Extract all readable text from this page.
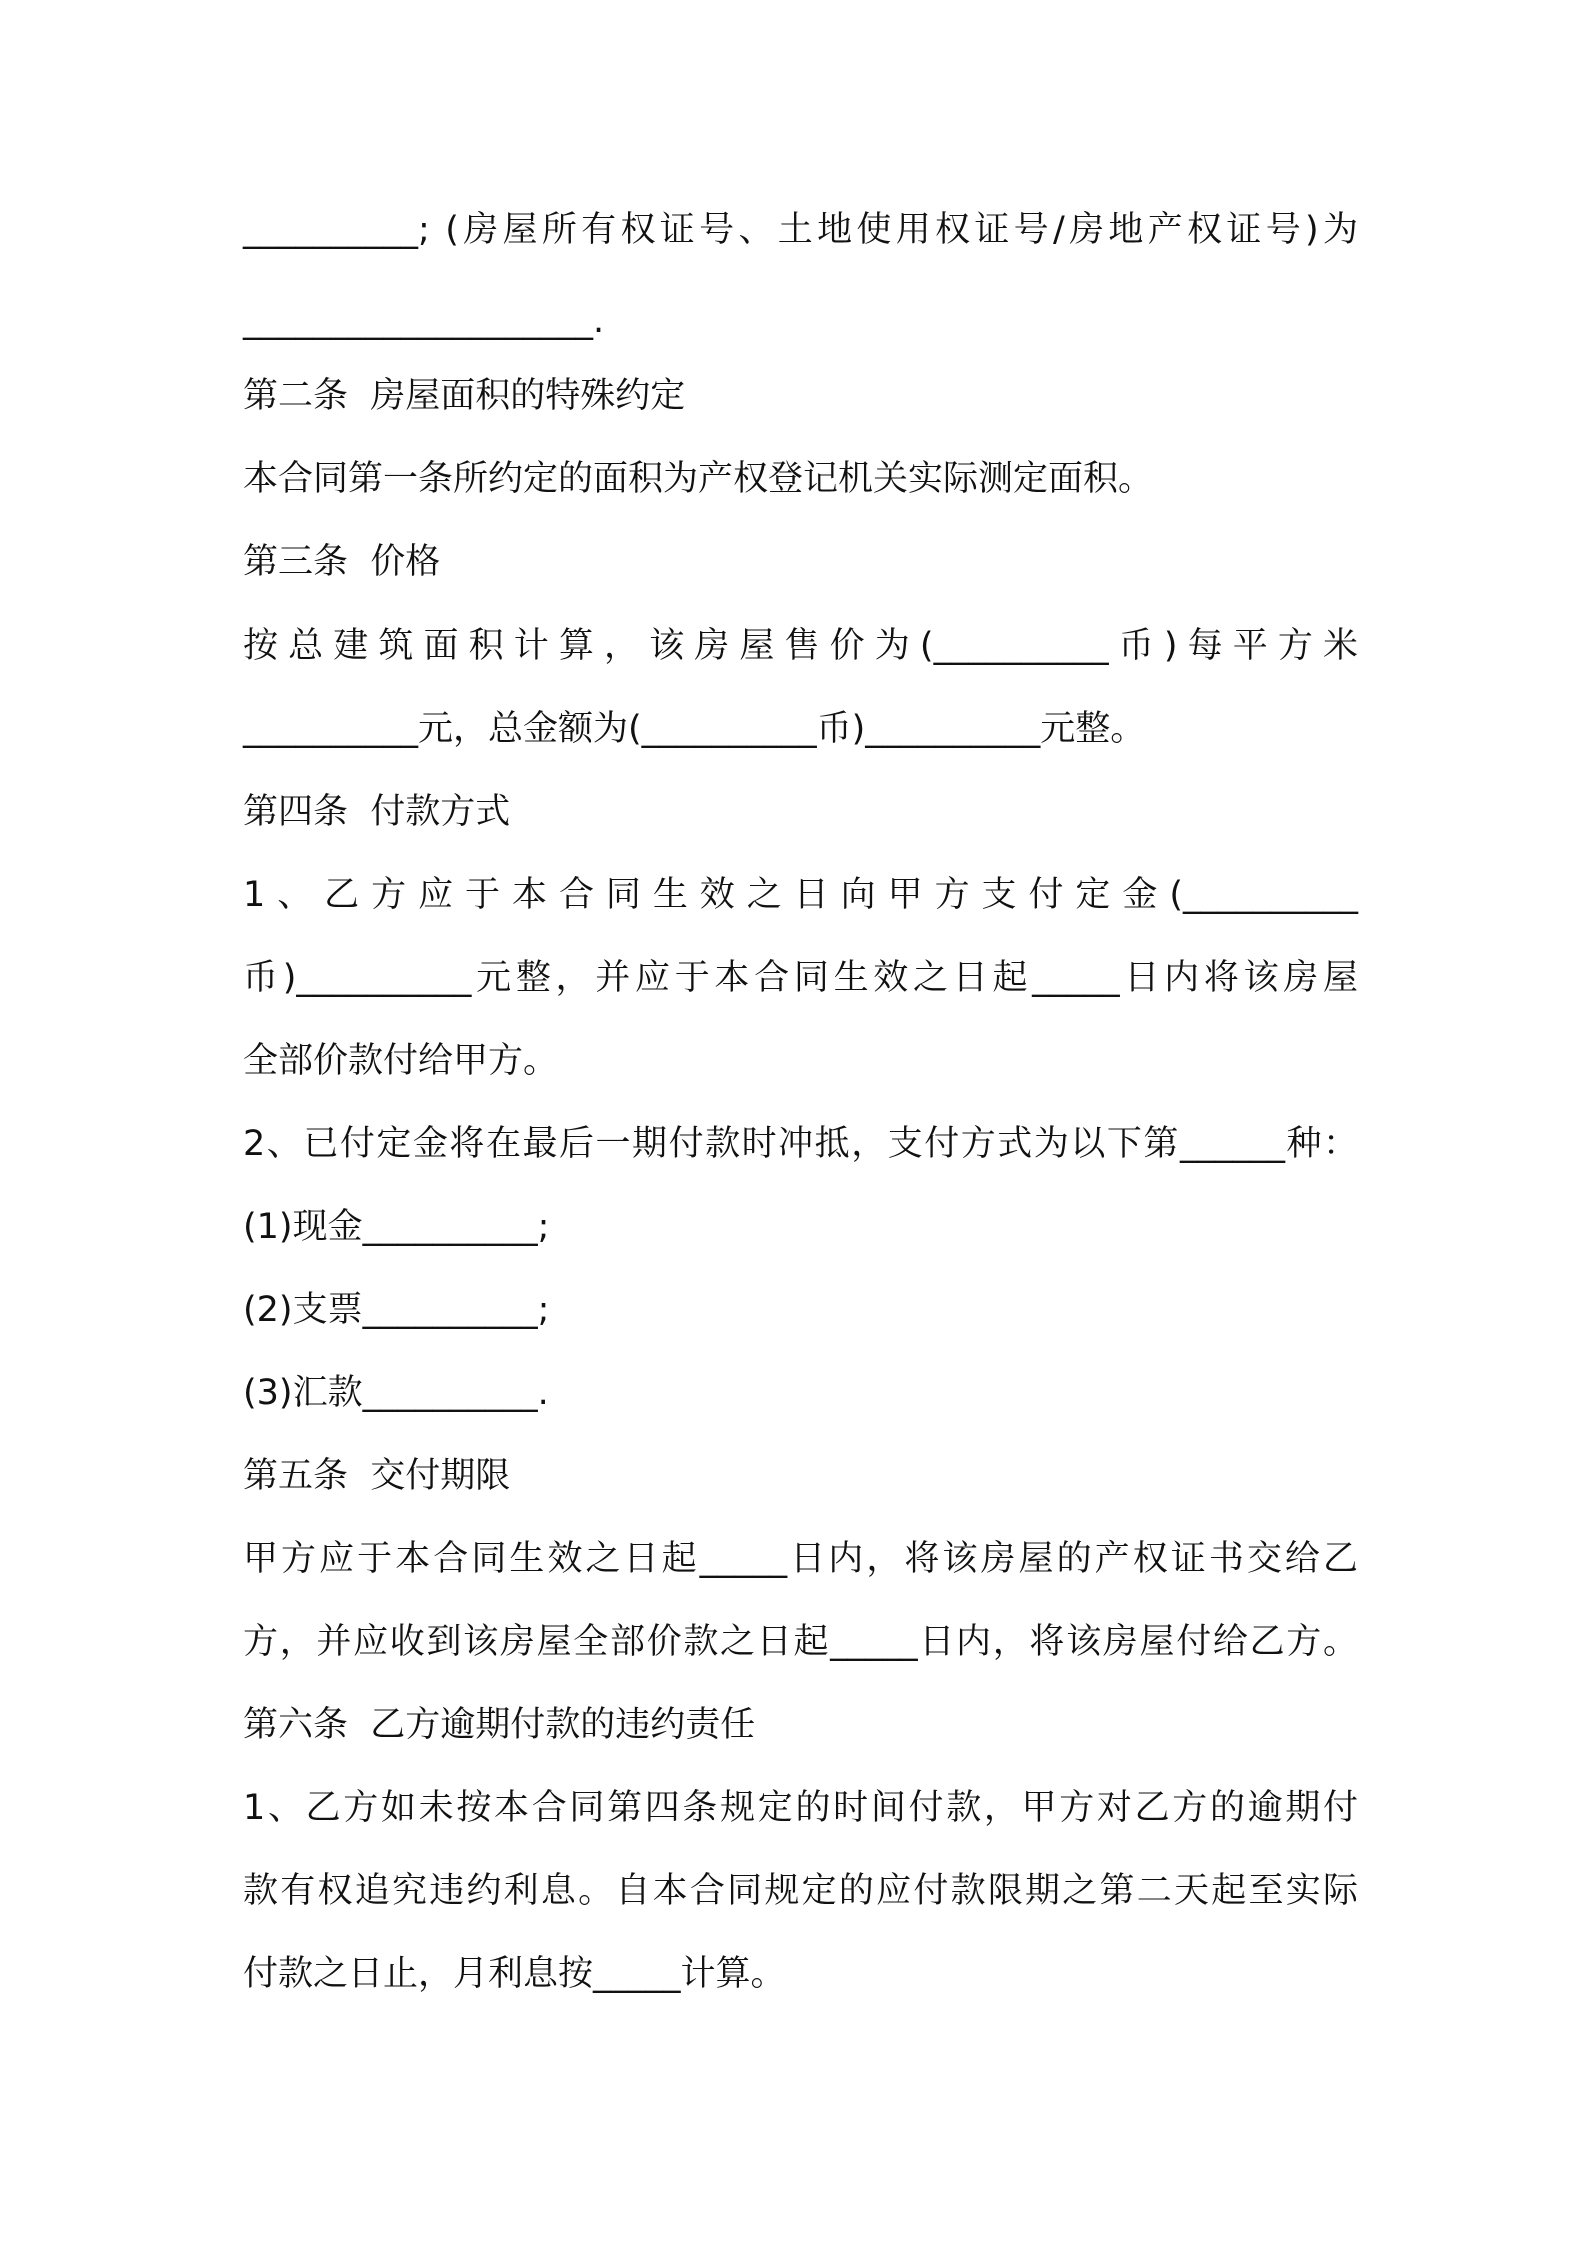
__________; (房屋所有权证号、土地使用权证号/房地产权证号)为
____________________.
第二条  房屋面积的特殊约定
本合同第一条所约定的面积为产权登记机关实际测定面积。
第三条  价格
按总建筑面积计算，该房屋售价为(__________币)每平方米
__________元，总金额为(__________币)__________元整。
第四条  付款方式
1、乙方应于本合同生效之日向甲方支付定金(__________
币)__________元整，并应于本合同生效之日起_____日内将该房屋
全部价款付给甲方。
2、已付定金将在最后一期付款时冲抵，支付方式为以下第______种：
(1)现金__________;
(2)支票__________;
(3)汇款__________.
第五条  交付期限
甲方应于本合同生效之日起_____日内，将该房屋的产权证书交给乙
方，并应收到该房屋全部价款之日起_____日内，将该房屋付给乙方。
第六条  乙方逾期付款的违约责任
1、乙方如未按本合同第四条规定的时间付款，甲方对乙方的逾期付
款有权追究违约利息。自本合同规定的应付款限期之第二天起至实际
付款之日止，月利息按_____计算。
